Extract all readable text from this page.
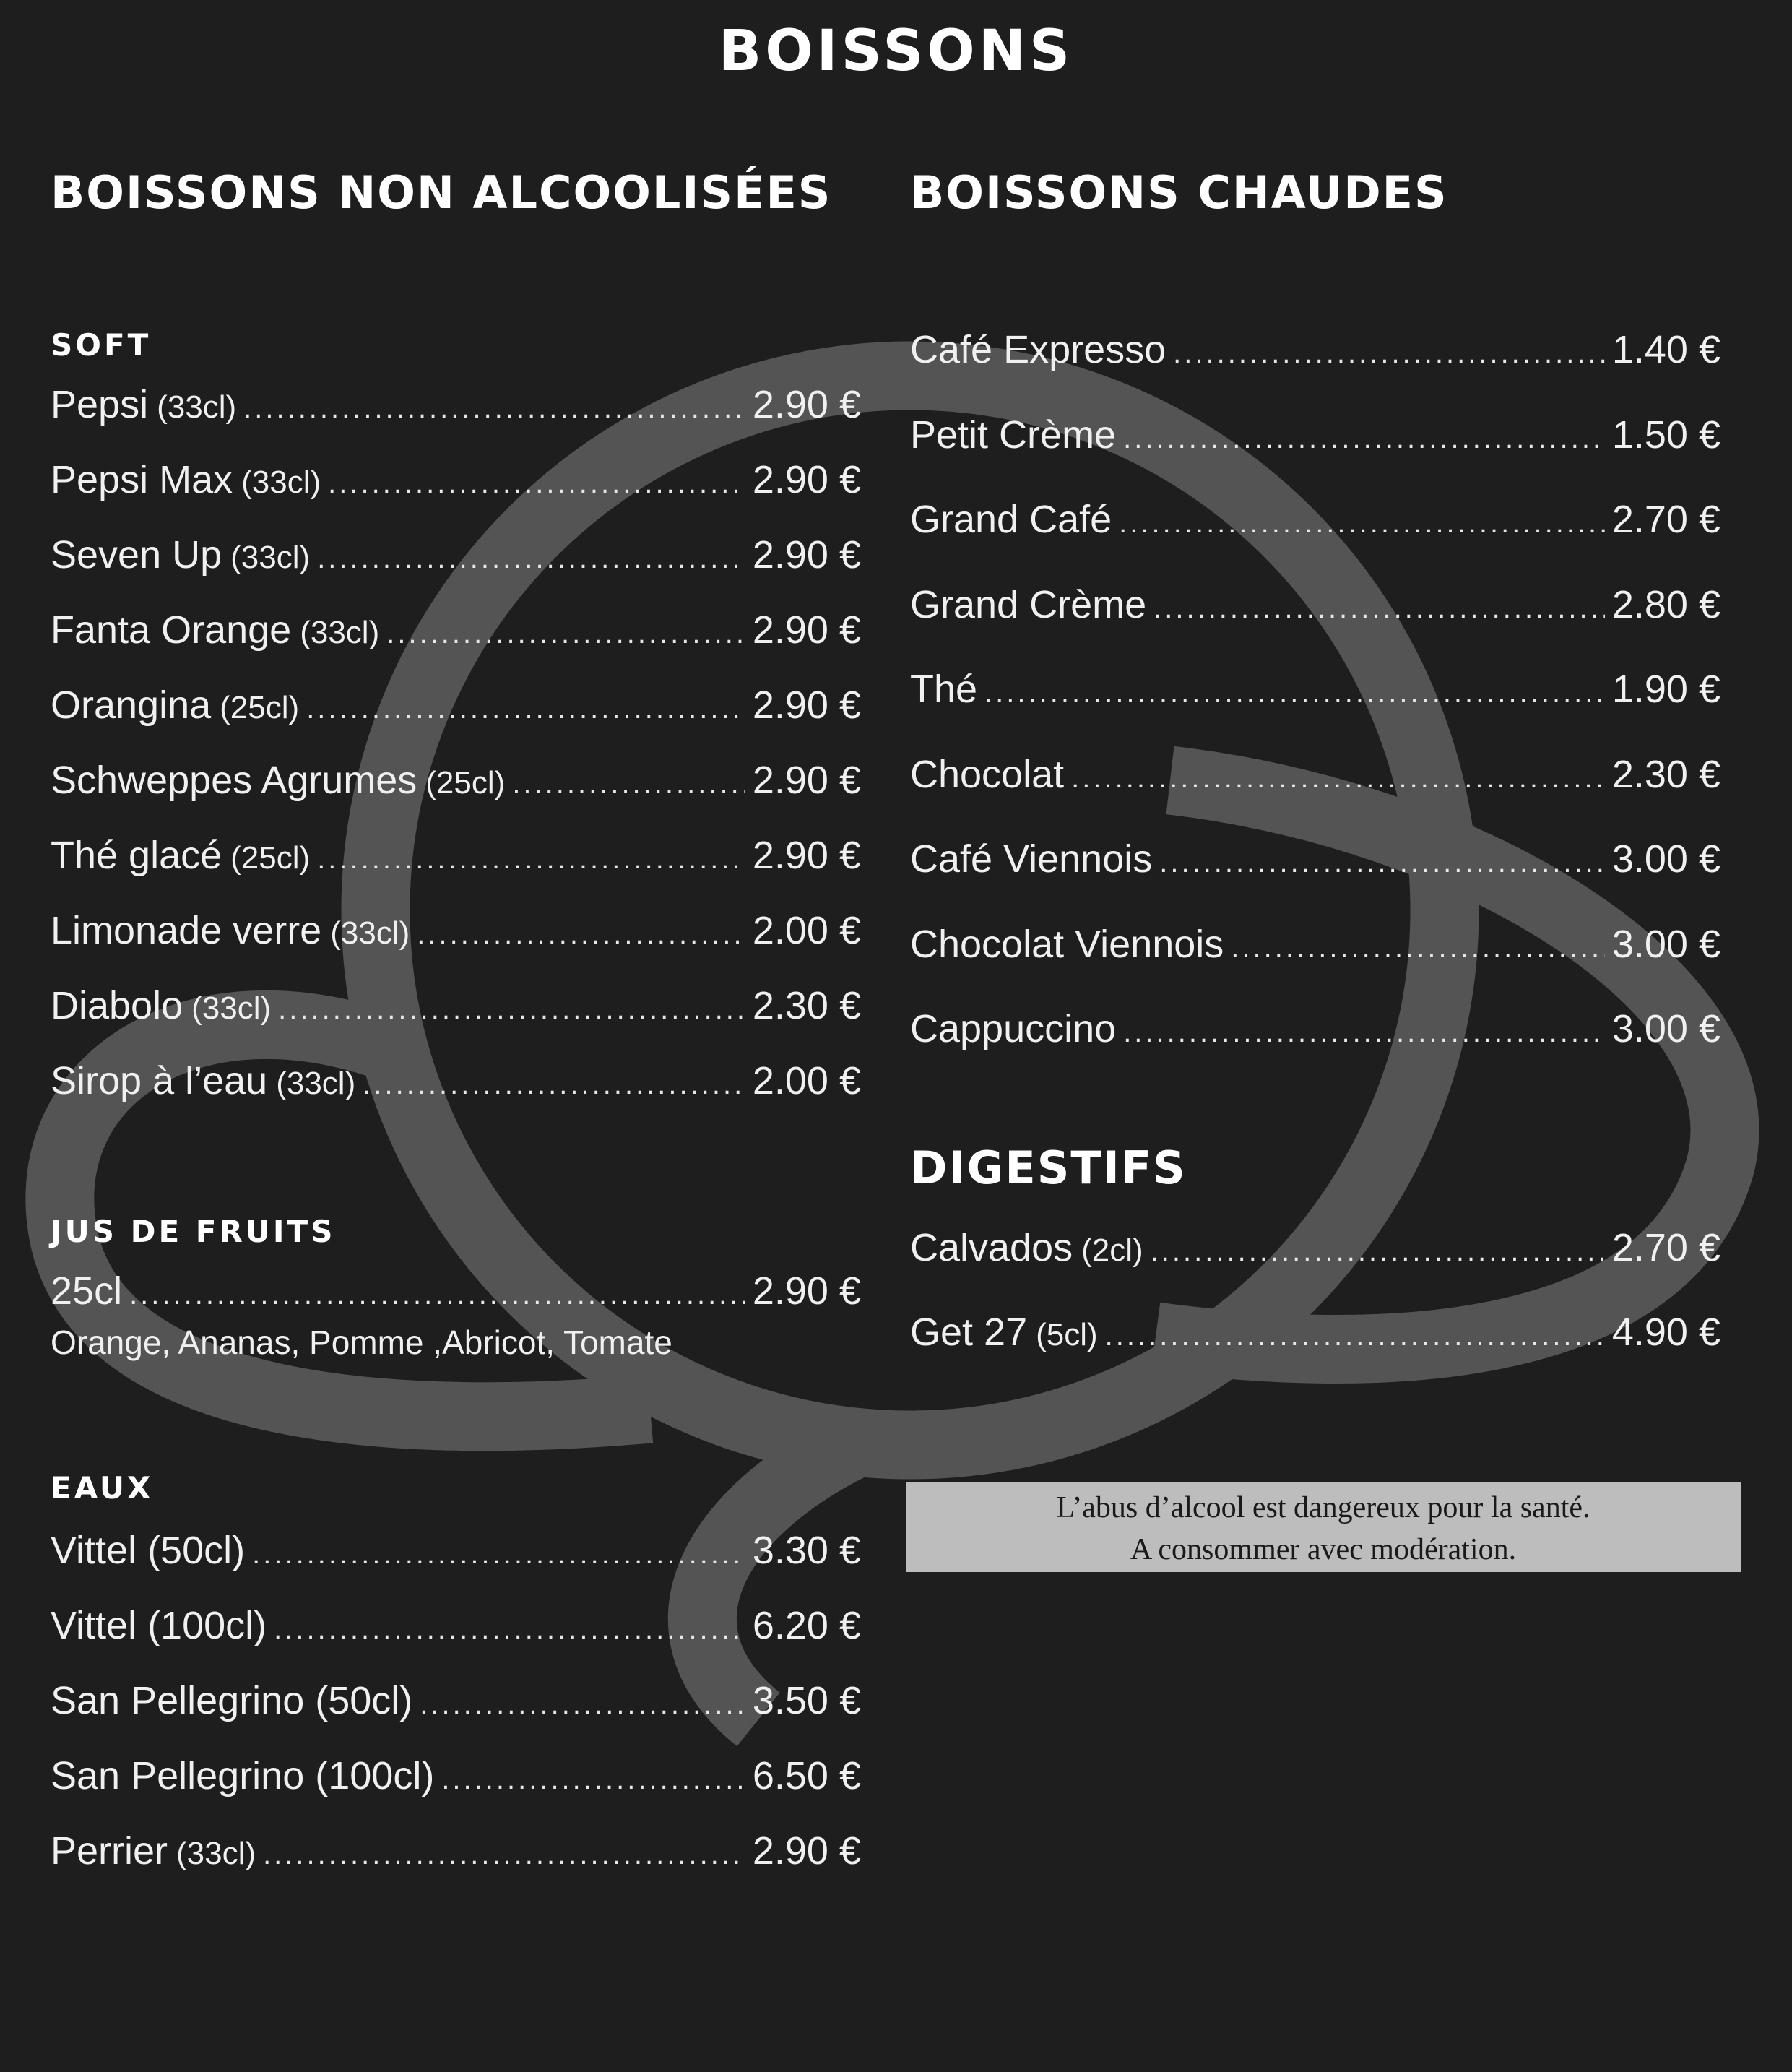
BOISSONS
BOISSONS NON ALCOOLISÉES
SOFT
Pepsi (33cl) .....	2.90 €
Pepsi Max (33cl) .....	2.90 €
Seven Up (33cl) .....	2.90 €
Fanta Orange (33cl) .....	2.90 €
Orangina (25cl) .....	2.90 €
Schweppes Agrumes (25cl) .....	2.90 €
Thé glacé (25cl) .....	2.90 €
Limonade verre (33cl) .....	2.00 €
Diabolo (33cl) .....	2.30 €
Sirop à l’eau (33cl) .....	2.00 €
JUS DE FRUITS
25cl .....	2.90 €
Orange, Ananas, Pomme ,Abricot, Tomate
EAUX
Vittel (50cl) .....	3.30 €
Vittel (100cl) .....	6.20 €
San Pellegrino (50cl) .....	3.50 €
San Pellegrino (100cl) .....	6.50 €
Perrier (33cl) .....	2.90 €
BOISSONS CHAUDES
Café Expresso .....	1.40 €
Petit Crème .....	1.50 €
Grand Café .....	2.70 €
Grand Crème .....	2.80 €
Thé .....	1.90 €
Chocolat .....	2.30 €
Café Viennois .....	3.00 €
Chocolat Viennois .....	3.00 €
Cappuccino .....	3.00 €
DIGESTIFS
Calvados (2cl) .....	2.70 €
Get 27 (5cl) .....	4.90 €
L’abus d’alcool est dangereux pour la santé.
A consommer avec modération.
